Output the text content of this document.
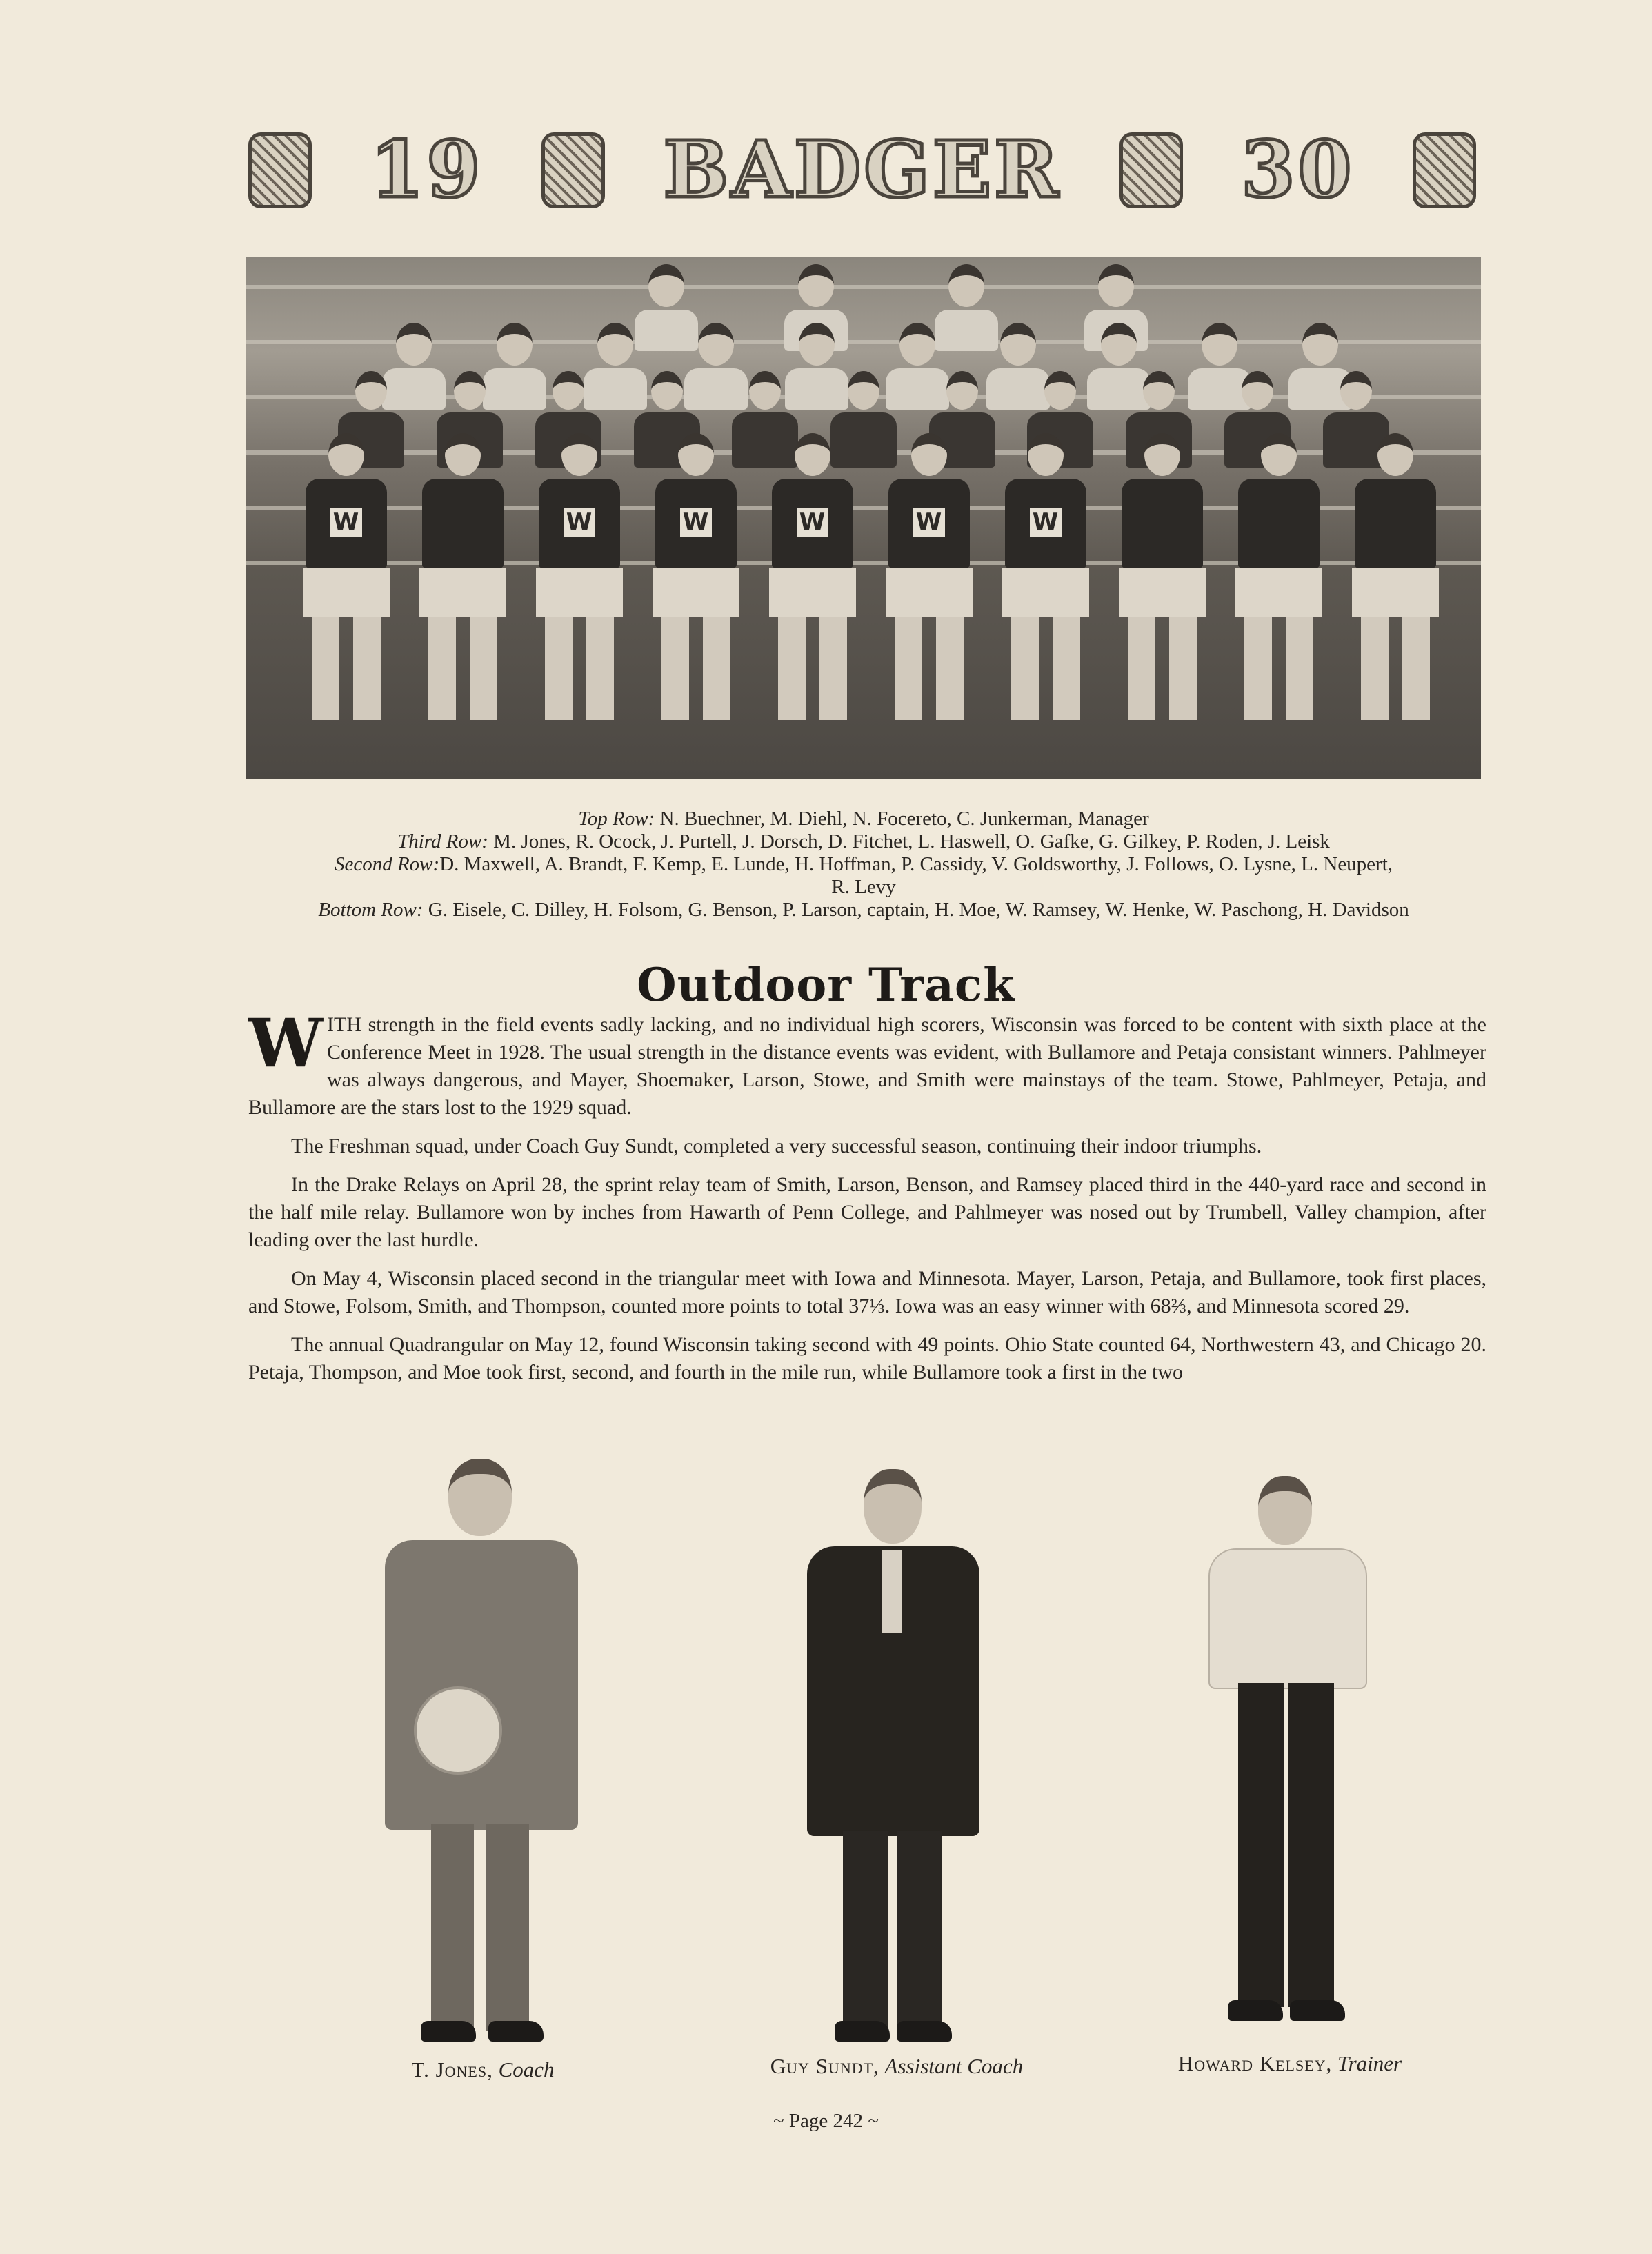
19 BADGER 30
W	W	W	W	W	W
Top Row: N. Buechner, M. Diehl, N. Focereto, C. Junkerman, Manager
Third Row: M. Jones, R. Ocock, J. Purtell, J. Dorsch, D. Fitchet, L. Haswell, O. Gafke, G. Gilkey, P. Roden, J. Leisk
Second Row:D. Maxwell, A. Brandt, F. Kemp, E. Lunde, H. Hoffman, P. Cassidy, V. Goldsworthy, J. Follows, O. Lysne, L. Neupert,
R. Levy
Bottom Row: G. Eisele, C. Dilley, H. Folsom, G. Benson, P. Larson, captain, H. Moe, W. Ramsey, W. Henke, W. Paschong, H. Davidson
Outdoor Track

WITH strength in the field events sadly lacking, and no individual high scorers, Wisconsin was forced to be content with sixth place at the Conference Meet in 1928. The usual strength in the distance events was evident, with Bullamore and Petaja consistant winners. Pahlmeyer was always dangerous, and Mayer, Shoemaker, Larson, Stowe, and Smith were mainstays of the team. Stowe, Pahlmeyer, Petaja, and Bullamore are the stars lost to the 1929 squad.

The Freshman squad, under Coach Guy Sundt, completed a very successful season, continuing their indoor triumphs.

In the Drake Relays on April 28, the sprint relay team of Smith, Larson, Benson, and Ramsey placed third in the 440-yard race and second in the half mile relay. Bullamore won by inches from Hawarth of Penn College, and Pahlmeyer was nosed out by Trumbell, Valley champion, after leading over the last hurdle.

On May 4, Wisconsin placed second in the triangular meet with Iowa and Minnesota. Mayer, Larson, Petaja, and Bullamore, took first places, and Stowe, Folsom, Smith, and Thompson, counted more points to total 37⅓. Iowa was an easy winner with 68⅔, and Minnesota scored 29.

The annual Quadrangular on May 12, found Wisconsin taking second with 49 points. Ohio State counted 64, Northwestern 43, and Chicago 20. Petaja, Thompson, and Moe took first, second, and fourth in the mile run, while Bullamore took a first in the two

T. Jones, Coach	Guy Sundt, Assistant Coach	Howard Kelsey, Trainer
~ Page 242 ~
